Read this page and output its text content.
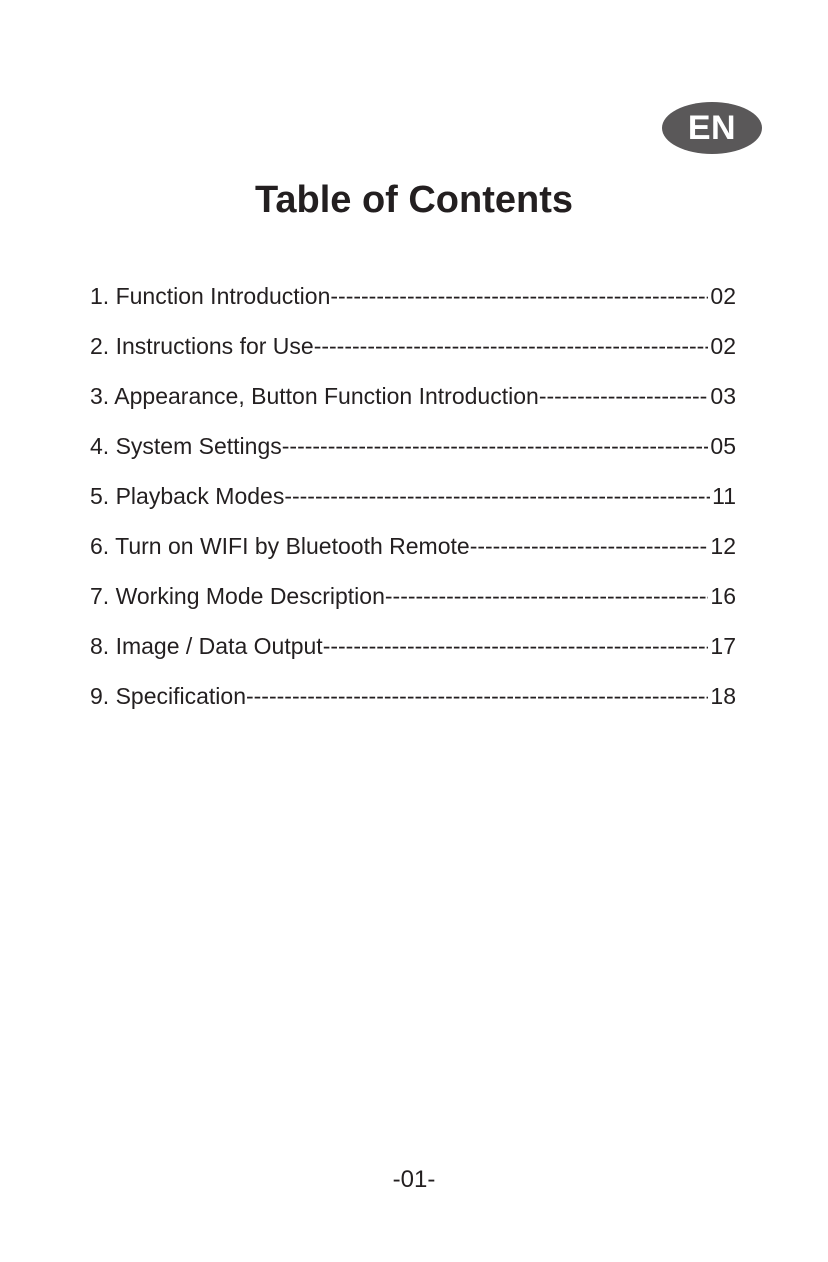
EN
Table of Contents
1. Function Introduction -----	02
2. Instructions for Use -----	02
3. Appearance, Button Function Introduction -----	03
4. System Settings -----	05
5. Playback Modes -----	11
6. Turn on WIFI by Bluetooth Remote -----	12
7. Working Mode Description -----	16
8. Image / Data Output -----	17
9. Specification -----	18
-01-
